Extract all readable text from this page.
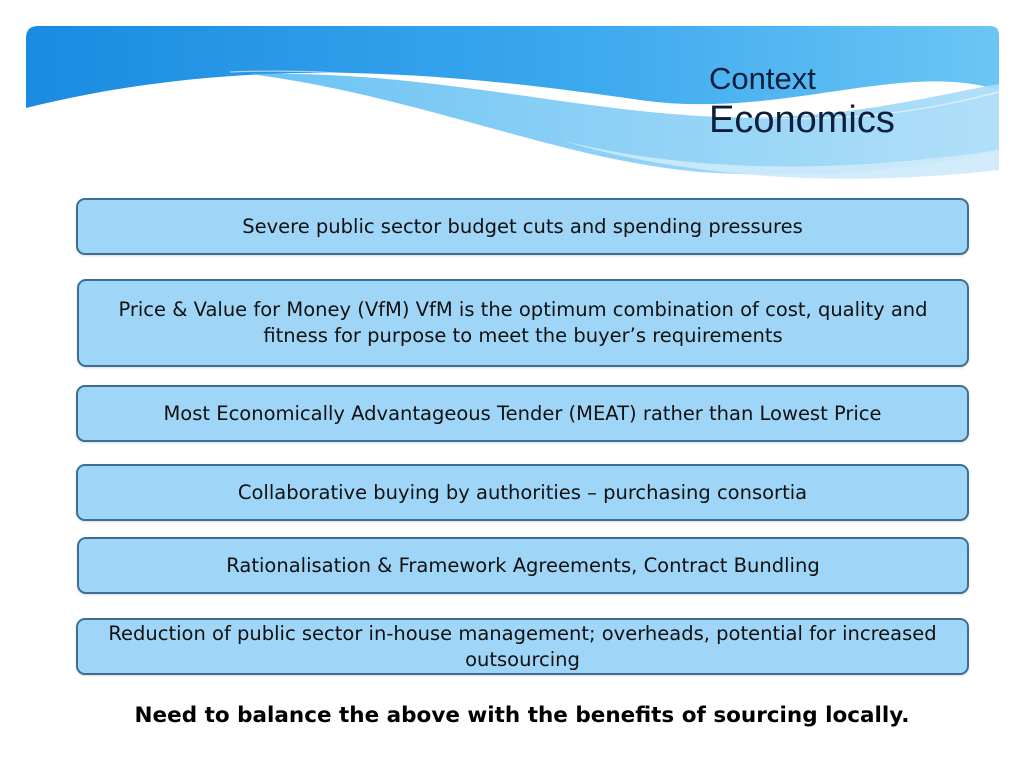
Context
Economics
Severe public sector budget cuts and spending pressures
Price & Value for Money (VfM) VfM is the optimum combination of cost, quality and fitness for purpose to meet the buyer’s requirements
Most Economically Advantageous Tender (MEAT) rather than Lowest Price
Collaborative buying by authorities – purchasing consortia
Rationalisation & Framework Agreements, Contract Bundling
Reduction of public sector in-house management; overheads, potential for increased outsourcing
Need to balance the above with the benefits of sourcing locally.
